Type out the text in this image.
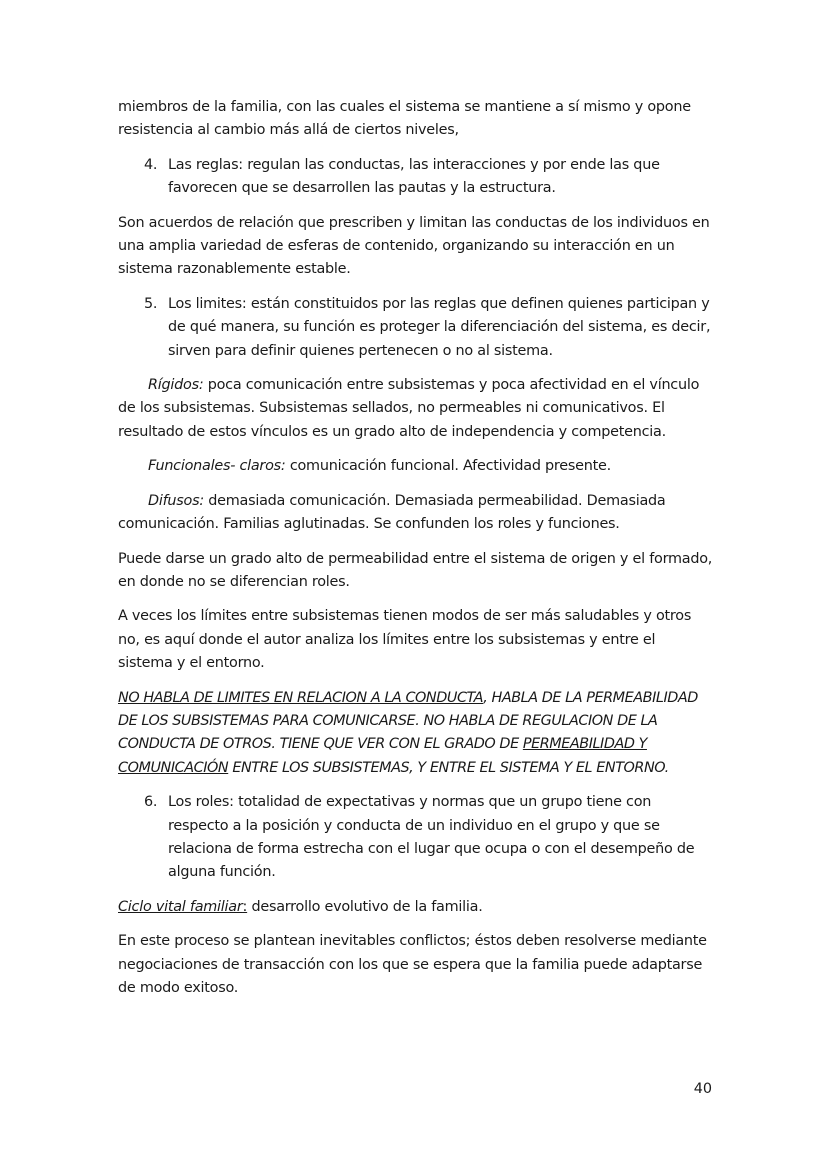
miembros de la familia, con las cuales el sistema se mantiene a sí mismo y opone resistencia al cambio más allá de ciertos niveles,

4. Las reglas: regulan las conductas, las interacciones y por ende las que favorecen que se desarrollen las pautas y la estructura.

Son acuerdos de relación que prescriben y limitan las conductas de los individuos en una amplia variedad de esferas de contenido, organizando su interacción en un sistema razonablemente estable.

5. Los limites: están constituidos por las reglas que definen quienes participan y de qué manera, su función es proteger la diferenciación del sistema, es decir, sirven para definir quienes pertenecen o no al sistema.

Rígidos: poca comunicación entre subsistemas y poca afectividad en el vínculo de los subsistemas. Subsistemas sellados, no permeables ni comunicativos. El resultado de estos vínculos es un grado alto de independencia y competencia.

Funcionales- claros: comunicación funcional. Afectividad presente.

Difusos: demasiada comunicación. Demasiada permeabilidad. Demasiada comunicación. Familias aglutinadas. Se confunden los roles y funciones.

Puede darse un grado alto de permeabilidad entre el sistema de origen y el formado, en donde no se diferencian roles.

A veces los límites entre subsistemas tienen modos de ser más saludables y otros no, es aquí donde el autor analiza los límites entre los subsistemas y entre el sistema y el entorno.

NO HABLA DE LIMITES EN RELACION A LA CONDUCTA, HABLA DE LA PERMEABILIDAD DE LOS SUBSISTEMAS PARA COMUNICARSE. NO HABLA DE REGULACION DE LA CONDUCTA DE OTROS. TIENE QUE VER CON EL GRADO DE PERMEABILIDAD Y COMUNICACIÓN ENTRE LOS SUBSISTEMAS, Y ENTRE EL SISTEMA Y EL ENTORNO.

6. Los roles: totalidad de expectativas y normas que un grupo tiene con respecto a la posición y conducta de un individuo en el grupo y que se relaciona de forma estrecha con el lugar que ocupa o con el desempeño de alguna función.

Ciclo vital familiar: desarrollo evolutivo de la familia.

En este proceso se plantean inevitables conflictos; éstos deben resolverse mediante negociaciones de transacción con los que se espera que la familia puede adaptarse de modo exitoso.

40
